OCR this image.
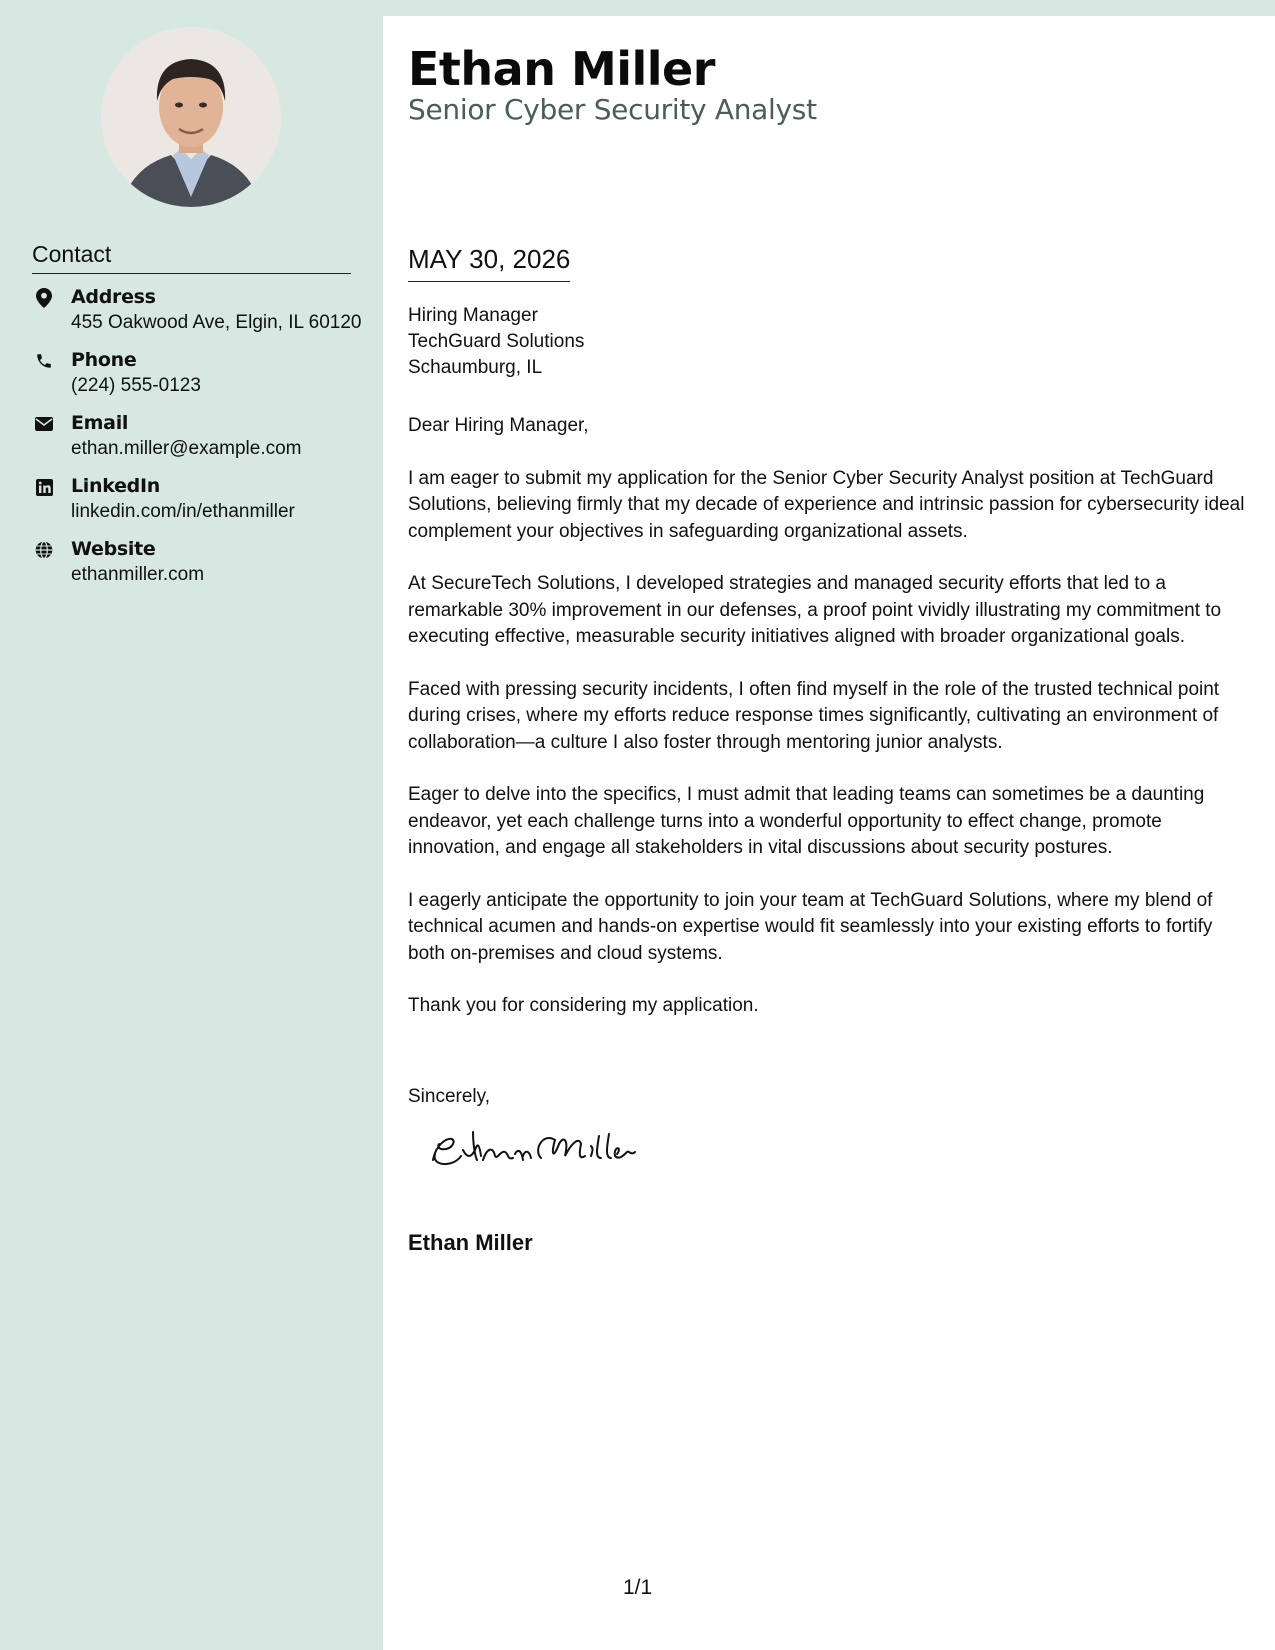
Contact
Address
455 Oakwood Ave, Elgin, IL 60120
Phone
(224) 555-0123
Email
ethan.miller@example.com
LinkedIn
linkedin.com/in/ethanmiller
Website
ethanmiller.com
Ethan Miller
Senior Cyber Security Analyst
MAY 30, 2026
Hiring Manager
TechGuard Solutions
Schaumburg, IL

Dear Hiring Manager,

I am eager to submit my application for the Senior Cyber Security Analyst position at TechGuard Solutions, believing firmly that my decade of experience and intrinsic passion for cybersecurity ideal complement your objectives in safeguarding organizational assets.

At SecureTech Solutions, I developed strategies and managed security efforts that led to a remarkable 30% improvement in our defenses, a proof point vividly illustrating my commitment to executing effective, measurable security initiatives aligned with broader organizational goals.

Faced with pressing security incidents, I often find myself in the role of the trusted technical point during crises, where my efforts reduce response times significantly, cultivating an environment of collaboration—a culture I also foster through mentoring junior analysts.

Eager to delve into the specifics, I must admit that leading teams can sometimes be a daunting endeavor, yet each challenge turns into a wonderful opportunity to effect change, promote innovation, and engage all stakeholders in vital discussions about security postures.

I eagerly anticipate the opportunity to join your team at TechGuard Solutions, where my blend of technical acumen and hands-on expertise would fit seamlessly into your existing efforts to fortify both on-premises and cloud systems.

Thank you for considering my application.

Sincerely,
Ethan Miller
1/1
